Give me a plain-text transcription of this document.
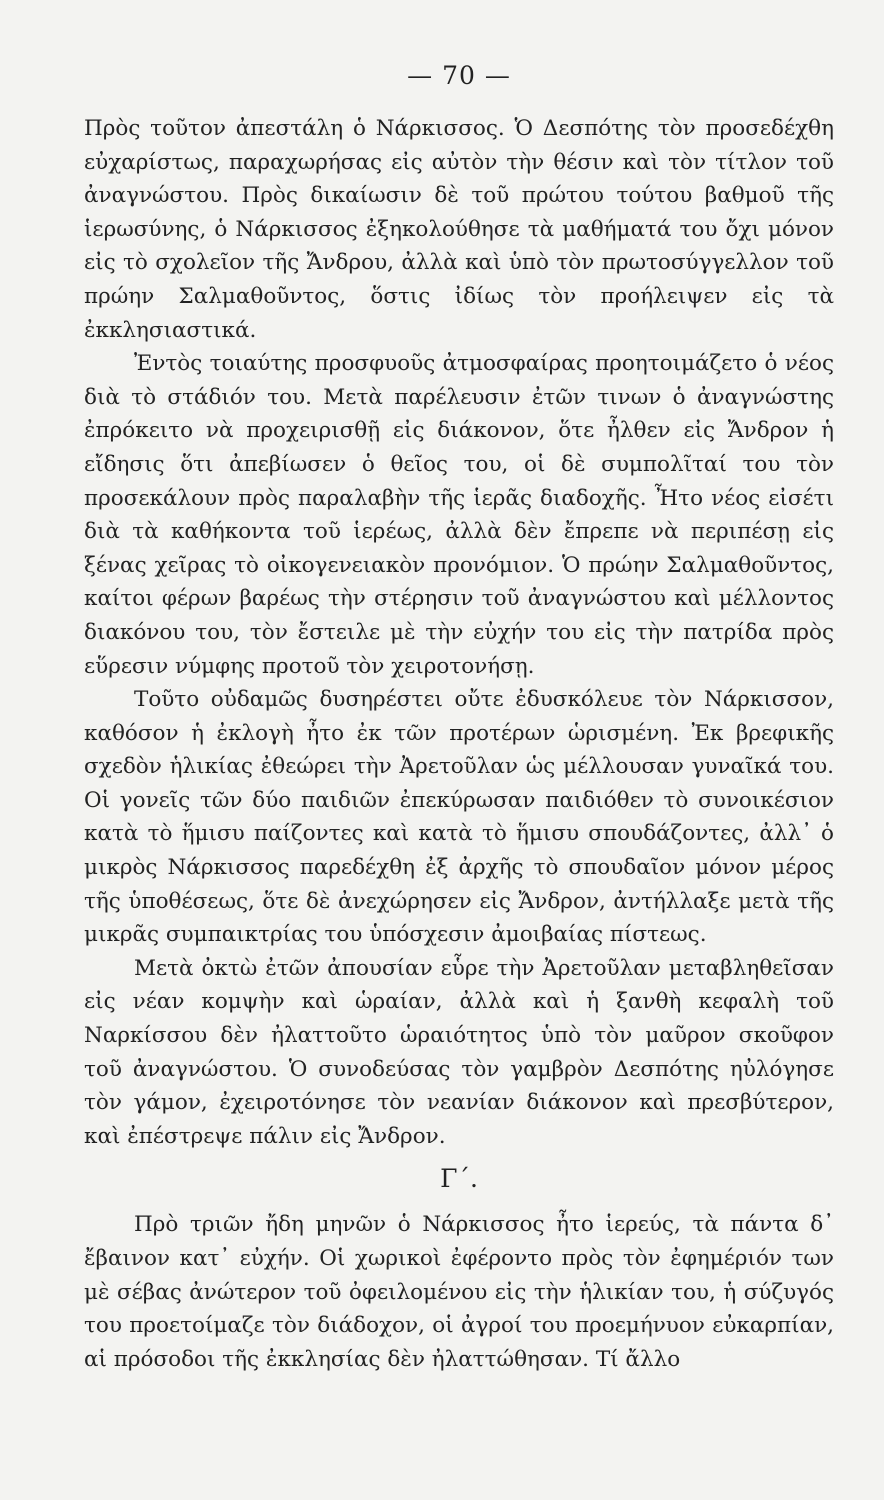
— 70 —

Πρὸς τοῦτον ἀπεστάλη ὁ Νάρκισσος. Ὁ Δεσπότης τὸν προσεδέχθη εὐχαρίστως, παραχωρήσας εἰς αὐτὸν τὴν θέσιν καὶ τὸν τίτλον τοῦ ἀναγνώστου. Πρὸς δικαίωσιν δὲ τοῦ πρώτου τούτου βαθμοῦ τῆς ἱερωσύνης, ὁ Νάρκισσος ἐξηκολούθησε τὰ μαθήματά του ὄχι μόνον εἰς τὸ σχολεῖον τῆς Ἄνδρου, ἀλλὰ καὶ ὑπὸ τὸν πρωτοσύγγελλον τοῦ πρώην Σαλμαθοῦντος, ὅστις ἰδίως τὸν προήλειψεν εἰς τὰ ἐκκλησιαστικά.

Ἐντὸς τοιαύτης προσφυοῦς ἀτμοσφαίρας προητοιμάζετο ὁ νέος διὰ τὸ στάδιόν του. Μετὰ παρέλευσιν ἐτῶν τινων ὁ ἀναγνώστης ἐπρόκειτο νὰ προχειρισθῇ εἰς διάκονον, ὅτε ἦλθεν εἰς Ἄνδρον ἡ εἴδησις ὅτι ἀπεβίωσεν ὁ θεῖος του, οἱ δὲ συμπολῖταί του τὸν προσεκάλουν πρὸς παραλαβὴν τῆς ἱερᾶς διαδοχῆς. Ἦτο νέος εἰσέτι διὰ τὰ καθήκοντα τοῦ ἱερέως, ἀλλὰ δὲν ἔπρεπε νὰ περιπέσῃ εἰς ξένας χεῖρας τὸ οἰκογενειακὸν προνόμιον. Ὁ πρώην Σαλμαθοῦντος, καίτοι φέρων βαρέως τὴν στέρησιν τοῦ ἀναγνώστου καὶ μέλλοντος διακόνου του, τὸν ἔστειλε μὲ τὴν εὐχήν του εἰς τὴν πατρίδα πρὸς εὕρεσιν νύμφης προτοῦ τὸν χειροτονήσῃ.

Τοῦτο οὐδαμῶς δυσηρέστει οὔτε ἐδυσκόλευε τὸν Νάρκισσον, καθόσον ἡ ἐκλογὴ ἦτο ἐκ τῶν προτέρων ὡρισμένη. Ἐκ βρεφικῆς σχεδὸν ἡλικίας ἐθεώρει τὴν Ἀρετοῦλαν ὡς μέλλουσαν γυναῖκά του. Οἱ γονεῖς τῶν δύο παιδιῶν ἐπεκύρωσαν παιδιόθεν τὸ συνοικέσιον κατὰ τὸ ἥμισυ παίζοντες καὶ κατὰ τὸ ἥμισυ σπουδάζοντες, ἀλλ᾽ ὁ μικρὸς Νάρκισσος παρεδέχθη ἐξ ἀρχῆς τὸ σπουδαῖον μόνον μέρος τῆς ὑποθέσεως, ὅτε δὲ ἀνεχώρησεν εἰς Ἄνδρον, ἀντήλλαξε μετὰ τῆς μικρᾶς συμπαικτρίας του ὑπόσχεσιν ἀμοιβαίας πίστεως.

Μετὰ ὀκτὼ ἐτῶν ἀπουσίαν εὗρε τὴν Ἀρετοῦλαν μεταβληθεῖσαν εἰς νέαν κομψὴν καὶ ὡραίαν, ἀλλὰ καὶ ἡ ξανθὴ κεφαλὴ τοῦ Ναρκίσσου δὲν ἠλαττοῦτο ὡραιότητος ὑπὸ τὸν μαῦρον σκοῦφον τοῦ ἀναγνώστου. Ὁ συνοδεύσας τὸν γαμβρὸν Δεσπότης ηὐλόγησε τὸν γάμον, ἐχειροτόνησε τὸν νεανίαν διάκονον καὶ πρεσβύτερον, καὶ ἐπέστρεψε πάλιν εἰς Ἄνδρον.

Γ΄.

Πρὸ τριῶν ἤδη μηνῶν ὁ Νάρκισσος ἦτο ἱερεύς, τὰ πάντα δ᾽ ἔβαινον κατ᾽ εὐχήν. Οἱ χωρικοὶ ἐφέροντο πρὸς τὸν ἐφημέριόν των μὲ σέβας ἀνώτερον τοῦ ὀφειλομένου εἰς τὴν ἡλικίαν του, ἡ σύζυγός του προετοίμαζε τὸν διάδοχον, οἱ ἀγροί του προεμήνυον εὐκαρπίαν, αἱ πρόσοδοι τῆς ἐκκλησίας δὲν ἠλαττώθησαν. Τί ἄλλο
